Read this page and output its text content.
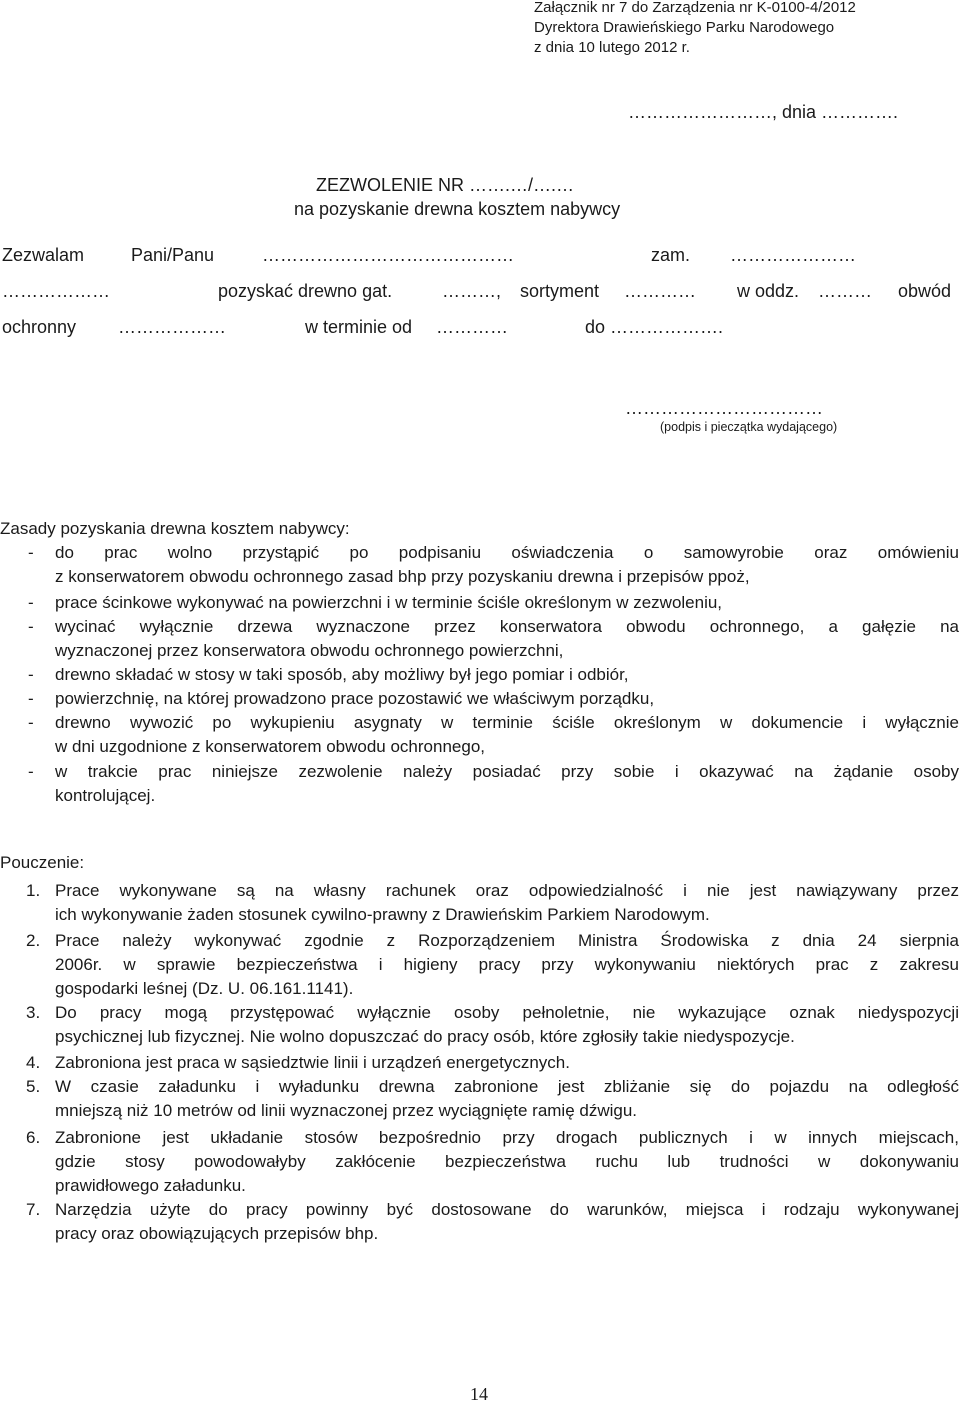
Załącznik nr 7 do Zarządzenia nr K-0100-4/2012
Dyrektora Drawieńskiego Parku Narodowego
z dnia 10 lutego 2012 r.
……………………, dnia ………….
ZEZWOLENIE NR …….…/….…
na pozyskanie drewna kosztem nabywcy
Zezwalam	Pani/Panu	……………………………………	zam. …………………
………………	pozyskać drewno gat.	………, sortyment ………… w oddz. ……… obwód
ochronny ………………	w terminie od …………	do ……………….
……………………………
(podpis i pieczątka wydającego)
Zasady pozyskania drewna kosztem nabywcy:
- do prac wolno przystąpić po podpisaniu oświadczenia o samowyrobie oraz omówieniu
z konserwatorem obwodu ochronnego zasad bhp przy pozyskaniu drewna i przepisów ppoż,
- prace ścinkowe wykonywać na powierzchni i w terminie ściśle określonym w zezwoleniu,
- wycinać wyłącznie drzewa wyznaczone przez konserwatora obwodu ochronnego, a gałęzie na
wyznaczonej przez konserwatora obwodu ochronnego powierzchni,
- drewno składać w stosy w taki sposób, aby możliwy był jego pomiar i odbiór,
- powierzchnię, na której prowadzono prace pozostawić we właściwym porządku,
- drewno wywozić po wykupieniu asygnaty w terminie ściśle określonym w dokumencie i wyłącznie
w dni uzgodnione z konserwatorem obwodu ochronnego,
- w trakcie prac niniejsze zezwolenie należy posiadać przy sobie i okazywać na żądanie osoby
kontrolującej.
Pouczenie:
1. Prace wykonywane są na własny rachunek oraz odpowiedzialność i nie jest nawiązywany przez
ich wykonywanie żaden stosunek cywilno-prawny z Drawieńskim Parkiem Narodowym.
2. Prace należy wykonywać zgodnie z Rozporządzeniem Ministra Środowiska z dnia 24 sierpnia
2006r. w sprawie bezpieczeństwa i higieny pracy przy wykonywaniu niektórych prac z zakresu
gospodarki leśnej (Dz. U. 06.161.1141).
3. Do pracy mogą przystępować wyłącznie osoby pełnoletnie, nie wykazujące oznak niedyspozycji
psychicznej lub fizycznej. Nie wolno dopuszczać do pracy osób, które zgłosiły takie niedyspozycje.
4. Zabroniona jest praca w sąsiedztwie linii i urządzeń energetycznych.
5. W czasie załadunku i wyładunku drewna zabronione jest zbliżanie się do pojazdu na odległość
mniejszą niż 10 metrów od linii wyznaczonej przez wyciągnięte ramię dźwigu.
6. Zabronione jest układanie stosów bezpośrednio przy drogach publicznych i w innych miejscach,
gdzie stosy powodowałyby zakłócenie bezpieczeństwa ruchu lub trudności w dokonywaniu
prawidłowego załadunku.
7. Narzędzia użyte do pracy powinny być dostosowane do warunków, miejsca i rodzaju wykonywanej
pracy oraz obowiązujących przepisów bhp.
14
